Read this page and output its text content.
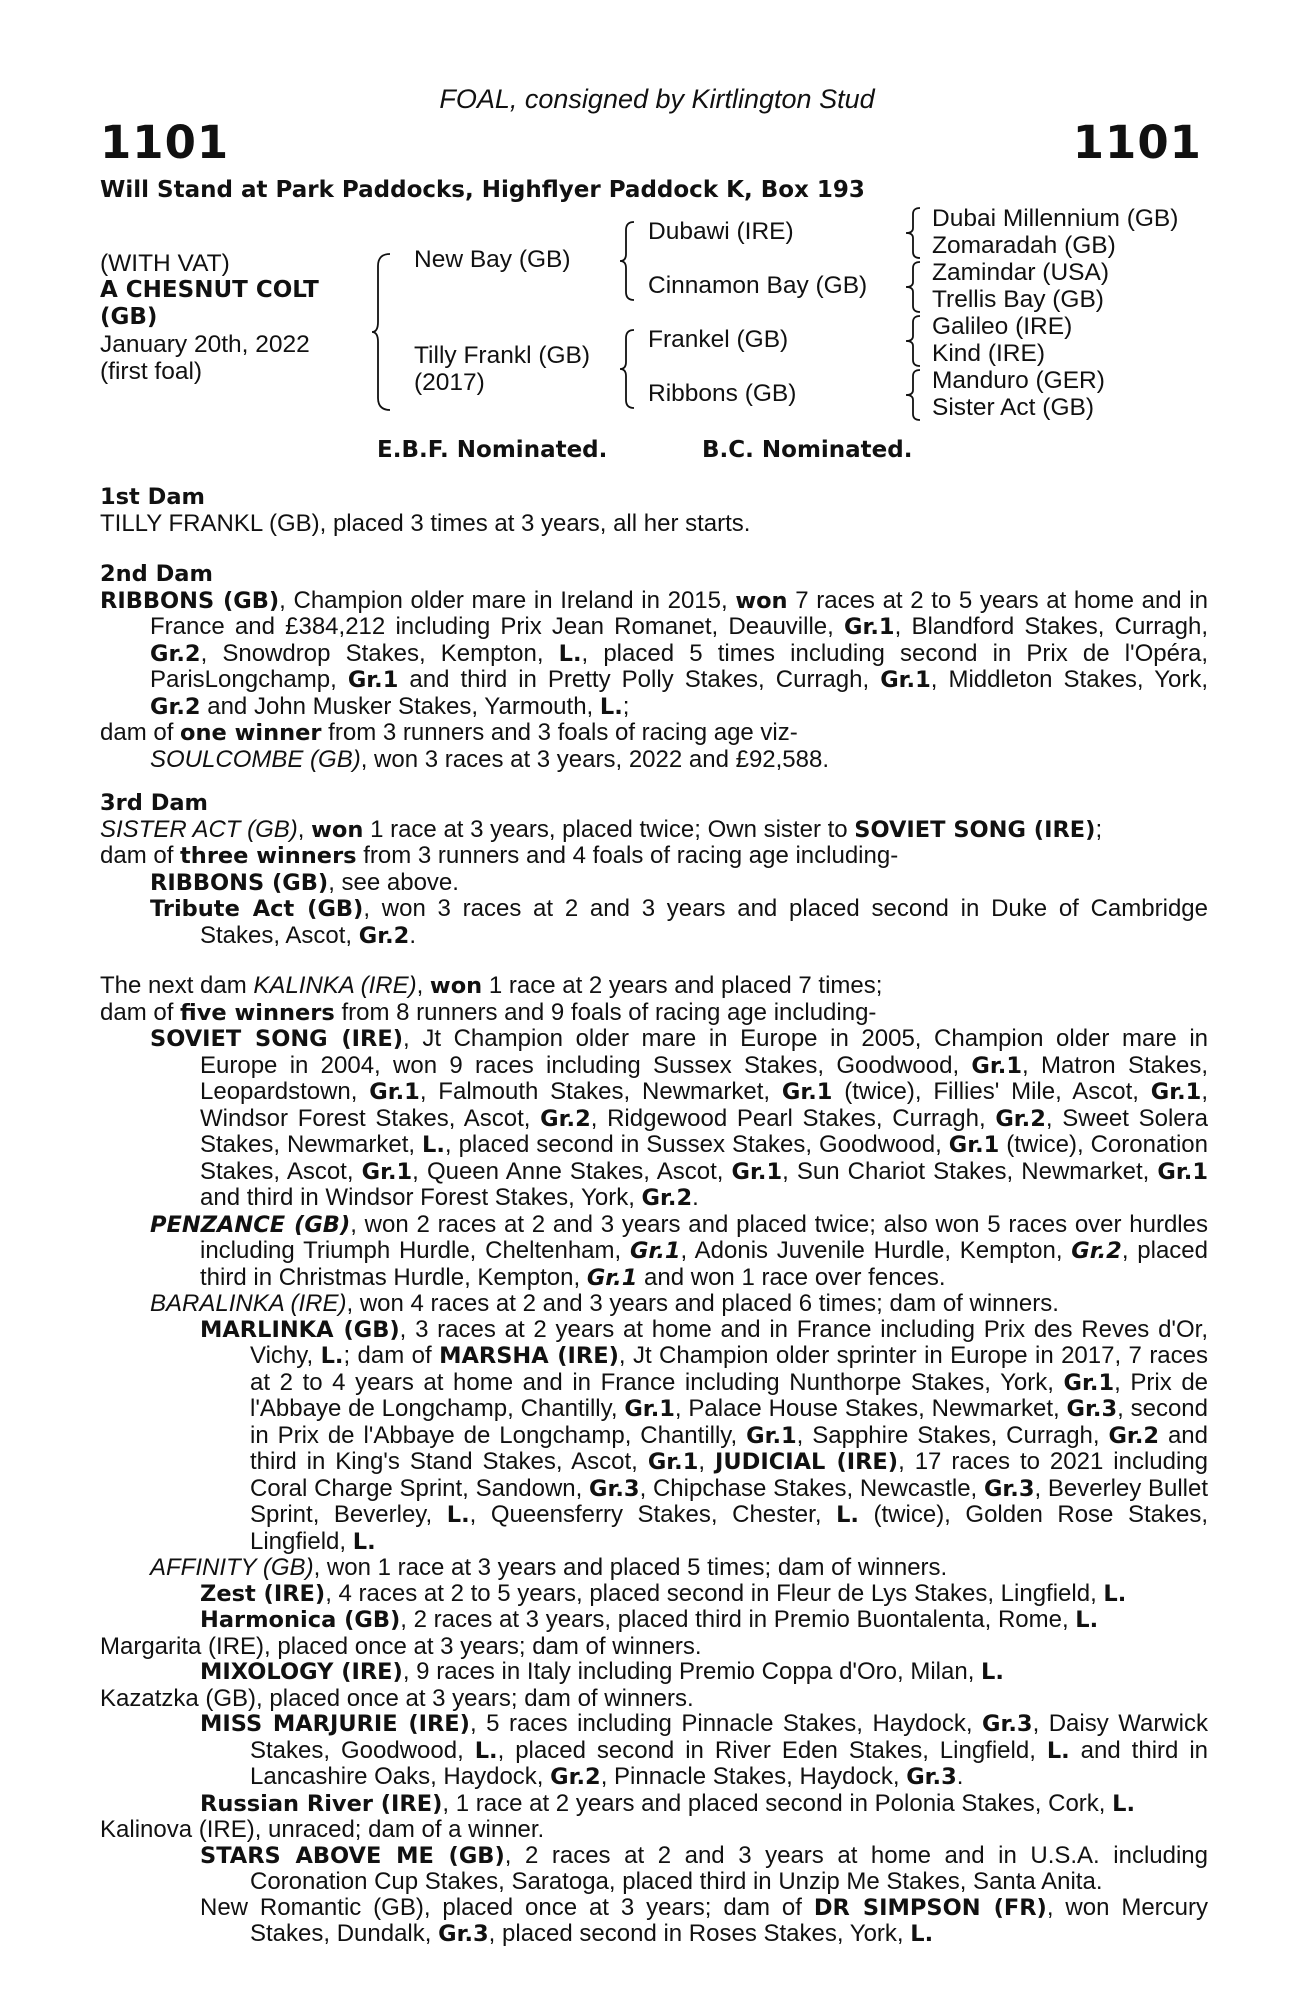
FOAL, consigned by Kirtlington Stud
1101	1101
Will Stand at Park Paddocks, Highflyer Paddock K, Box 193
(WITH VAT)
A CHESNUT COLT
(GB)
January 20th, 2022
(first foal)
New Bay (GB)
Tilly Frankl (GB)
(2017)
Dubawi (IRE)
Cinnamon Bay (GB)
Frankel (GB)
Ribbons (GB)
Dubai Millennium (GB)
Zomaradah (GB)
Zamindar (USA)
Trellis Bay (GB)
Galileo (IRE)
Kind (IRE)
Manduro (GER)
Sister Act (GB)
E.B.F. Nominated.	B.C. Nominated.
1st Dam

TILLY FRANKL (GB), placed 3 times at 3 years, all her starts.

2nd Dam

RIBBONS (GB), Champion older mare in Ireland in 2015, won 7 races at 2 to 5 years at home and in France and £384,212 including Prix Jean Romanet, Deauville, Gr.1, Blandford Stakes, Curragh, Gr.2, Snowdrop Stakes, Kempton, L., placed 5 times including second in Prix de l'Opéra, ParisLongchamp, Gr.1 and third in Pretty Polly Stakes, Curragh, Gr.1, Middleton Stakes, York, Gr.2 and John Musker Stakes, Yarmouth, L.;

dam of one winner from 3 runners and 3 foals of racing age viz-

SOULCOMBE (GB), won 3 races at 3 years, 2022 and £92,588.

3rd Dam

SISTER ACT (GB), won 1 race at 3 years, placed twice; Own sister to SOVIET SONG (IRE);

dam of three winners from 3 runners and 4 foals of racing age including-

RIBBONS (GB), see above.

Tribute Act (GB), won 3 races at 2 and 3 years and placed second in Duke of Cambridge Stakes, Ascot, Gr.2.

The next dam KALINKA (IRE), won 1 race at 2 years and placed 7 times;

dam of five winners from 8 runners and 9 foals of racing age including-

SOVIET SONG (IRE), Jt Champion older mare in Europe in 2005, Champion older mare in Europe in 2004, won 9 races including Sussex Stakes, Goodwood, Gr.1, Matron Stakes, Leopardstown, Gr.1, Falmouth Stakes, Newmarket, Gr.1 (twice), Fillies' Mile, Ascot, Gr.1, Windsor Forest Stakes, Ascot, Gr.2, Ridgewood Pearl Stakes, Curragh, Gr.2, Sweet Solera Stakes, Newmarket, L., placed second in Sussex Stakes, Goodwood, Gr.1 (twice), Coronation Stakes, Ascot, Gr.1, Queen Anne Stakes, Ascot, Gr.1, Sun Chariot Stakes, Newmarket, Gr.1 and third in Windsor Forest Stakes, York, Gr.2.

PENZANCE (GB), won 2 races at 2 and 3 years and placed twice; also won 5 races over hurdles including Triumph Hurdle, Cheltenham, Gr.1, Adonis Juvenile Hurdle, Kempton, Gr.2, placed third in Christmas Hurdle, Kempton, Gr.1 and won 1 race over fences.

BARALINKA (IRE), won 4 races at 2 and 3 years and placed 6 times; dam of winners.

MARLINKA (GB), 3 races at 2 years at home and in France including Prix des Reves d'Or, Vichy, L.; dam of MARSHA (IRE), Jt Champion older sprinter in Europe in 2017, 7 races at 2 to 4 years at home and in France including Nunthorpe Stakes, York, Gr.1, Prix de l'Abbaye de Longchamp, Chantilly, Gr.1, Palace House Stakes, Newmarket, Gr.3, second in Prix de l'Abbaye de Longchamp, Chantilly, Gr.1, Sapphire Stakes, Curragh, Gr.2 and third in King's Stand Stakes, Ascot, Gr.1, JUDICIAL (IRE), 17 races to 2021 including Coral Charge Sprint, Sandown, Gr.3, Chipchase Stakes, Newcastle, Gr.3, Beverley Bullet Sprint, Beverley, L., Queensferry Stakes, Chester, L. (twice), Golden Rose Stakes, Lingfield, L.

AFFINITY (GB), won 1 race at 3 years and placed 5 times; dam of winners.

Zest (IRE), 4 races at 2 to 5 years, placed second in Fleur de Lys Stakes, Lingfield, L.

Harmonica (GB), 2 races at 3 years, placed third in Premio Buontalenta, Rome, L.

Margarita (IRE), placed once at 3 years; dam of winners.

MIXOLOGY (IRE), 9 races in Italy including Premio Coppa d'Oro, Milan, L.

Kazatzka (GB), placed once at 3 years; dam of winners.

MISS MARJURIE (IRE), 5 races including Pinnacle Stakes, Haydock, Gr.3, Daisy Warwick Stakes, Goodwood, L., placed second in River Eden Stakes, Lingfield, L. and third in Lancashire Oaks, Haydock, Gr.2, Pinnacle Stakes, Haydock, Gr.3.

Russian River (IRE), 1 race at 2 years and placed second in Polonia Stakes, Cork, L.

Kalinova (IRE), unraced; dam of a winner.

STARS ABOVE ME (GB), 2 races at 2 and 3 years at home and in U.S.A. including Coronation Cup Stakes, Saratoga, placed third in Unzip Me Stakes, Santa Anita.

New Romantic (GB), placed once at 3 years; dam of DR SIMPSON (FR), won Mercury Stakes, Dundalk, Gr.3, placed second in Roses Stakes, York, L.
